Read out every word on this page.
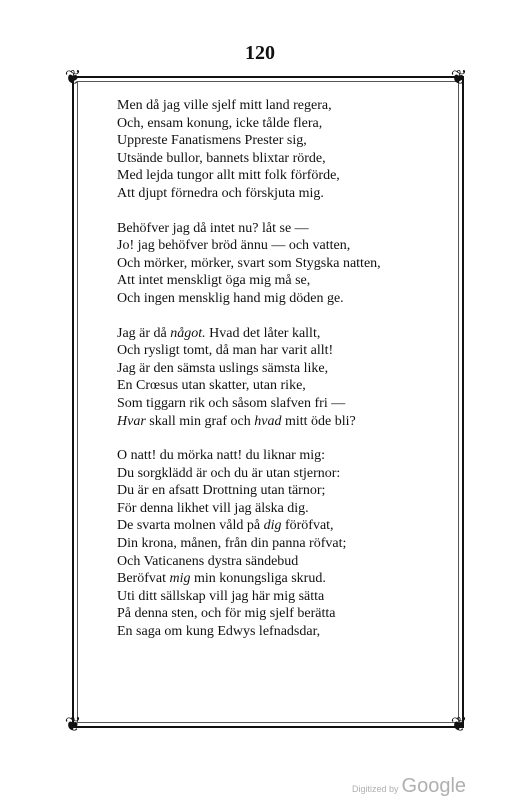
120
❦	❦
❦	❦
Men då jag ville sjelf mitt land regera,
Och, ensam konung, icke tålde flera,
Uppreste Fanatismens Prester sig,
Utsände bullor, bannets blixtar rörde,
Med lejda tungor allt mitt folk förförde,
Att djupt förnedra och förskjuta mig.
Behöfver jag då intet nu? låt se —
Jo! jag behöfver bröd ännu — och vatten,
Och mörker, mörker, svart som Stygska natten,
Att intet menskligt öga mig må se,
Och ingen mensklig hand mig döden ge.
Jag är då något. Hvad det låter kallt,
Och rysligt tomt, då man har varit allt!
Jag är den sämsta uslings sämsta like,
En Crœsus utan skatter, utan rike,
Som tiggarn rik och såsom slafven fri —
Hvar skall min graf och hvad mitt öde bli?
O natt! du mörka natt! du liknar mig:
Du sorgklädd är och du är utan stjernor:
Du är en afsatt Drottning utan tärnor;
För denna likhet vill jag älska dig.
De svarta molnen våld på dig föröfvat,
Din krona, månen, från din panna röfvat;
Och Vaticanens dystra sändebud
Beröfvat mig min konungsliga skrud.
Uti ditt sällskap vill jag här mig sätta
På denna sten, och för mig sjelf berätta
En saga om kung Edwys lefnadsdar,
Digitized by Google
